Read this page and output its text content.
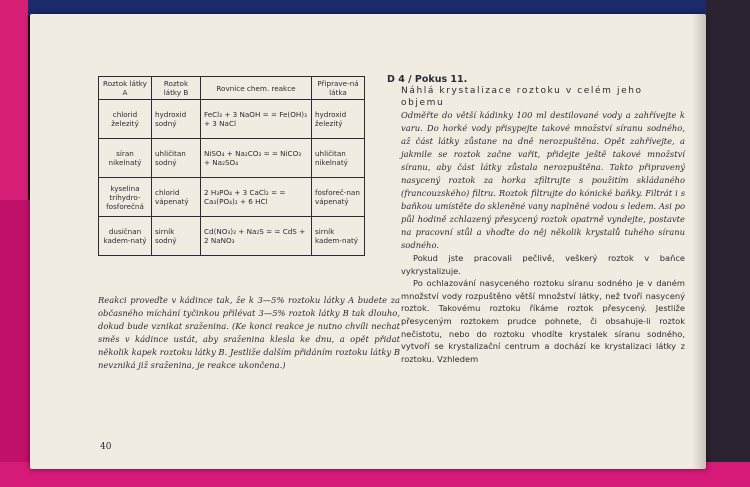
Roztok látky A	Roztok látky B	Rovnice chem. reakce	Připrave-ná látka
chlorid železitý	hydroxid sodný	FeCl₃ + 3 NaOH = = Fe(OH)₃ + 3 NaCl	hydroxid železitý
síran nikelnatý	uhličitan sodný	NiSO₄ + Na₂CO₃ = = NiCO₃ + Na₂SO₄	uhličitan nikelnatý
kyselina trihydro-fosforečná	chlorid vápenatý	2 H₃PO₄ + 3 CaCl₂ = = Ca₃(PO₄)₂ + 6 HCl	fosforeč-nan vápenatý
dusičnan kadem-natý	sirník sodný	Cd(NO₃)₂ + Na₂S = = CdS + 2 NaNO₃	sirník kadem-natý

Reakci proveďte v kádince tak, že k 3—5% roztoku látky A budete za občasného míchání tyčinkou přilévat 3—5% roztok látky B tak dlouho, dokud bude vznikat sraženina. (Ke konci reakce je nutno chvíli nechat směs v kádince ustát, aby sraženina klesla ke dnu, a opět přidat několik kapek roztoku látky B. Jestliže dalším přidáním roztoku látky B nevzniká již sraženina, je reakce ukončena.)

40
D 4 / Pokus 11.
Náhlá krystalizace roztoku v celém jeho objemu

Odměřte do větší kádinky 100 ml destilované vody a zahřívejte k varu. Do horké vody přisypejte takové množství síranu sodného, až část látky zůstane na dně nerozpuštěna. Opět zahřívejte, a jakmile se roztok začne vařit, přidejte ještě takové množství síranu, aby část látky zůstala nerozpuštěna. Takto připravený nasycený roztok za horka zfiltrujte s použitím skládaného (francouzského) filtru. Roztok filtrujte do kónické baňky. Filtrát i s baňkou umístěte do skleněné vany naplněné vodou s ledem. Asi po půl hodině zchlazený přesycený roztok opatrně vyndejte, postavte na pracovní stůl a vhoďte do něj několik krystalů tuhého síranu sodného.

Pokud jste pracovali pečlivě, veškerý roztok v baňce vykrystalizuje.

Po ochlazování nasyceného roztoku síranu sodného je v daném množství vody rozpuštěno větší množství látky, než tvoří nasycený roztok. Takovému roztoku říkáme roztok přesycený. Jestliže přesyceným roztokem prudce pohnete, či obsahuje-li roztok nečistotu, nebo do roztoku vhodíte krystalek síranu sodného, vytvoří se krystalizační centrum a dochází ke krystalizaci látky z roztoku. Vzhledem
